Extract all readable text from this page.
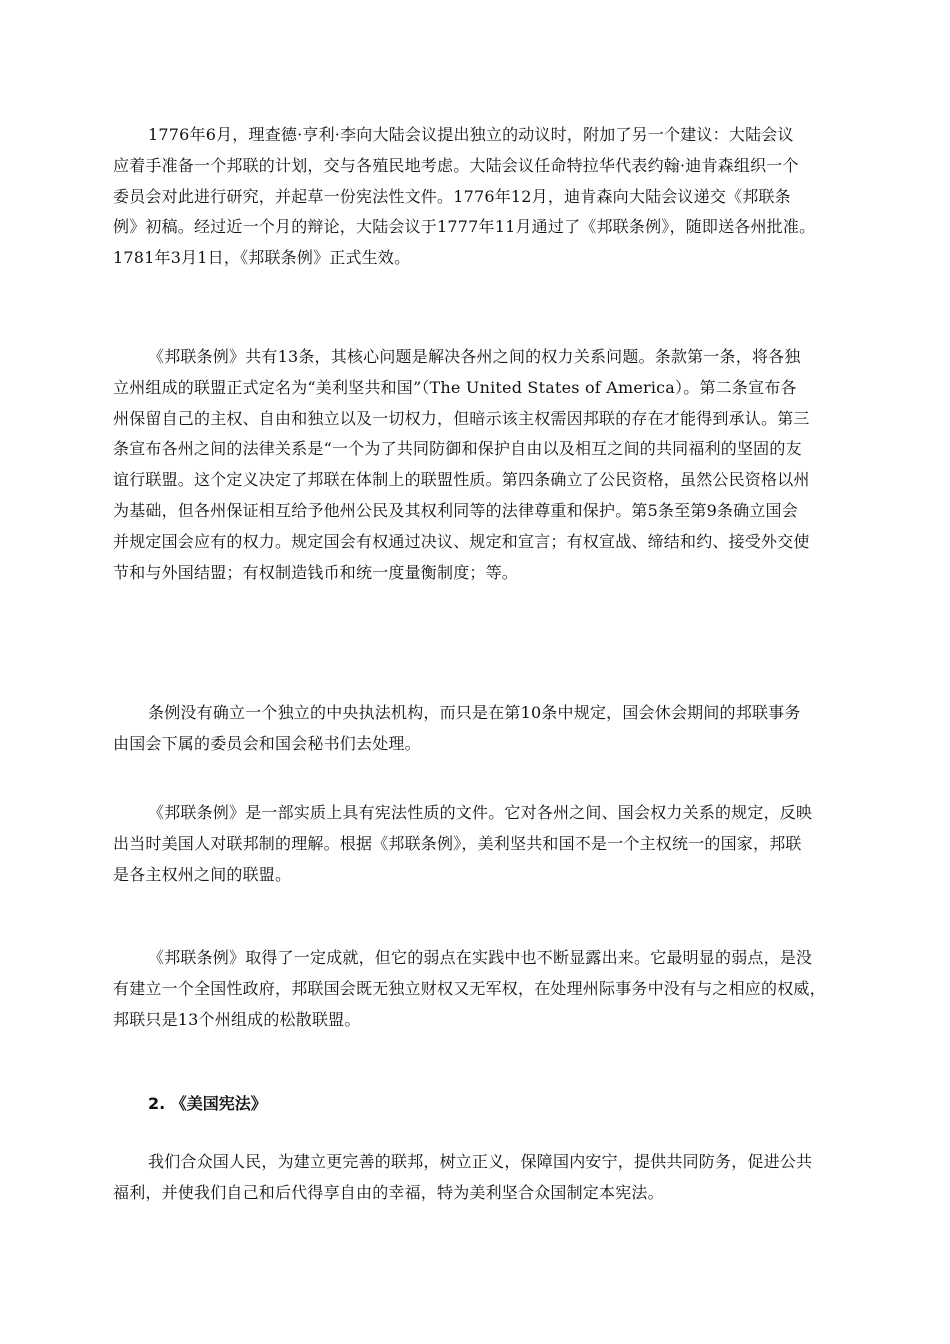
1776年6月，理查德·亨利·李向大陆会议提出独立的动议时，附加了另一个建议：大陆会议
应着手准备一个邦联的计划，交与各殖民地考虑。大陆会议任命特拉华代表约翰·迪肯森组织一个
委员会对此进行研究，并起草一份宪法性文件。1776年12月，迪肯森向大陆会议递交《邦联条
例》初稿。经过近一个月的辩论，大陆会议于1777年11月通过了《邦联条例》，随即送各州批准。
1781年3月1日，《邦联条例》正式生效。

《邦联条例》共有13条，其核心问题是解决各州之间的权力关系问题。条款第一条，将各独
立州组成的联盟正式定名为“美利坚共和国”（The United States of America）。第二条宣布各
州保留自己的主权、自由和独立以及一切权力，但暗示该主权需因邦联的存在才能得到承认。第三
条宣布各州之间的法律关系是“一个为了共同防御和保护自由以及相互之间的共同福利的坚固的友
谊行联盟。这个定义决定了邦联在体制上的联盟性质。第四条确立了公民资格，虽然公民资格以州
为基础，但各州保证相互给予他州公民及其权利同等的法律尊重和保护。第5条至第9条确立国会
并规定国会应有的权力。规定国会有权通过决议、规定和宣言；有权宣战、缔结和约、接受外交使
节和与外国结盟；有权制造钱币和统一度量衡制度；等。

条例没有确立一个独立的中央执法机构，而只是在第10条中规定，国会休会期间的邦联事务
由国会下属的委员会和国会秘书们去处理。

《邦联条例》是一部实质上具有宪法性质的文件。它对各州之间、国会权力关系的规定，反映
出当时美国人对联邦制的理解。根据《邦联条例》，美利坚共和国不是一个主权统一的国家，邦联
是各主权州之间的联盟。

《邦联条例》取得了一定成就，但它的弱点在实践中也不断显露出来。它最明显的弱点，是没
有建立一个全国性政府，邦联国会既无独立财权又无军权，在处理州际事务中没有与之相应的权威，
邦联只是13个州组成的松散联盟。

2. 《美国宪法》

我们合众国人民，为建立更完善的联邦，树立正义，保障国内安宁，提供共同防务，促进公共
福利，并使我们自己和后代得享自由的幸福，特为美利坚合众国制定本宪法。
